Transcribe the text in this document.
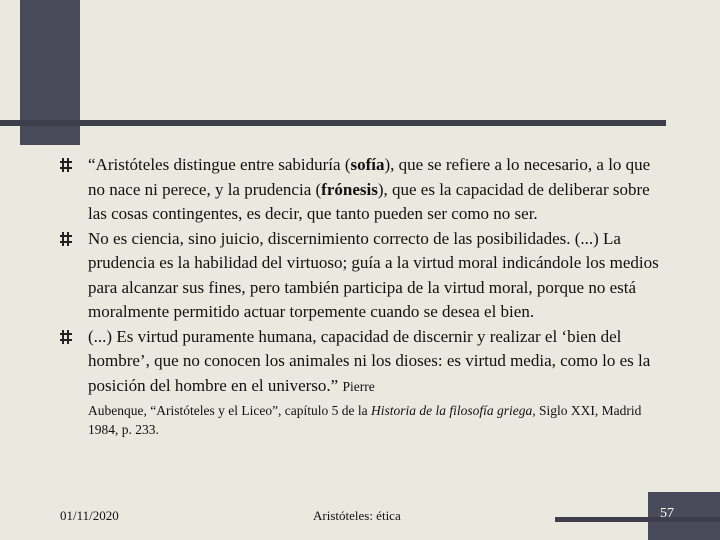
“Aristóteles distingue entre sabiduría (sofía), que se refiere a lo necesario, a lo que no nace ni perece, y la prudencia (frónesis), que es la capacidad de deliberar sobre las cosas contingentes, es decir, que tanto pueden ser como no ser.

No es ciencia, sino juicio, discernimiento correcto de las posibilidades. (...) La prudencia es la habilidad del virtuoso; guía a la virtud moral indicándole los medios para alcanzar sus fines, pero también participa de la virtud moral, porque no está moralmente permitido actuar torpemente cuando se desea el bien.

(...) Es virtud puramente humana, capacidad de discernir y realizar el ‘bien del hombre’, que no conocen los animales ni los dioses: es virtud media, como lo es la posición del hombre en el universo.” Pierre

Aubenque, “Aristóteles y el Liceo”, capítulo 5 de la Historia de la filosofía griega, Siglo XXI, Madrid 1984, p. 233.
01/11/2020	Aristóteles: ética	57
